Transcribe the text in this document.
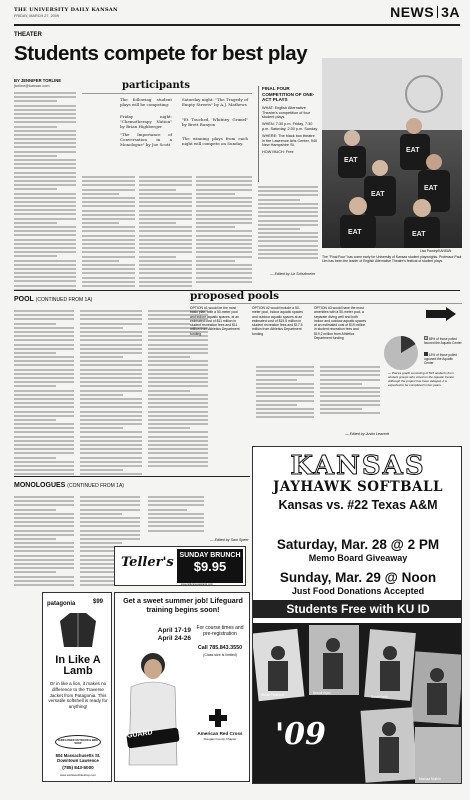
THE UNIVERSITY DAILY KANSAN
FRIDAY, MARCH 27, 2009	NEWS 3A
THEATER
Students compete for best play
BY JENNIFER TORLINE
jtorline@kansan.com	participants
The following student plays will be competing:
Friday night: "Chemotherapy Nation" by Brian Highberger
"The Importance of Conversation in a Monologue" by Joe Scott
Saturday night: "The Tragedy of Empty Streets" by A.J. Mathews
"Et Touched, Whitney Grimel" by Brett Runyon
The winning plays from each night will compete on Sunday.
FINAL FOUR COMPETITION OF ONE-ACT PLAYS
WHAT: English Alternative Theatre's competition of four student plays
WHEN: 7:30 p.m. Friday, 7:30 p.m. Saturday, 2:30 p.m. Sunday
WHERE: The black box theatre in the Lawrence Arts Center, 940 New Hampshire St.
HOW MUCH: Free
— Edited by Liz Schultmeier
EAT
EAT
EAT
EAT
EAT	EAT
Lisa Poovey/KANSAN
The "Final Four" has come early for University of Kansas student playwrights. Professor Paul Lim has been the leader of English Alternative Theatre's festival of student plays.
POOL (CONTINUED FROM 1A)	proposed pools
OPTION #1 would be the most basic plan, with a 50-meter pool and indoor aquatic spaces, at an estimated cost of $11 million in student recreation fees and $11 million from Athletics Department funding
OPTION #2 would include a 50-meter pool, indoor aquatic spaces and outdoor aquatic spaces at an estimated cost of $19.5 million in student recreation fees and $17.5 million from Athletics Department funding
OPTION #3 would have the most amenities with a 50-meter pool, a separate diving well and both indoor and outdoor aquatic spaces at an estimated cost of $19 million in student recreation fees and $19.2 million from Athletics Department funding	85% of those polled favored the Aquatic Center
15% of those polled opposed the Aquatic Center
— Pieces graph consisting of 523 students from student groups who voted on the Aquatic Center. Although the project has been delayed, it is expected to be completed in two years.
— Edited by Justin Leavertt
MONOLOGUES (CONTINUED FROM 1A)
— Edited by Sam Speer
Teller's SUNDAY BRUNCH
$9.95
www.tellersrestaurante.com
patagonia	$99
In Like A Lamb
Or in like a lion, it makes no difference to the Traverse Jacket from Patagonia. This versatile softshell is ready for anything!
SUNFLOWER OUTDOOR & BIKE SHOP
804 Massachusetts St. Downtown Lawrence
(785) 843-5000
www.sunflowerbikeshop.com
Get a sweet summer job! Lifeguard training begins soon!
GUARD
April 17-19
April 24-26
For course times and pre-registration
Call 785.843.3550
(Class size is limited)
American Red Cross
Douglas County Chapter
KANSAS
JAYHAWK SOFTBALL
Kansas vs. #22 Texas A&M
Saturday, Mar. 28 @ 2 PM
Memo Board Giveaway
Sunday, Mar. 29 @ Noon
Just Food Donations Accepted
Students Free with KU ID
'09
Nicole Pentecuff	Brandi Ryan
Sarah Seidl
Marissa Murkin
